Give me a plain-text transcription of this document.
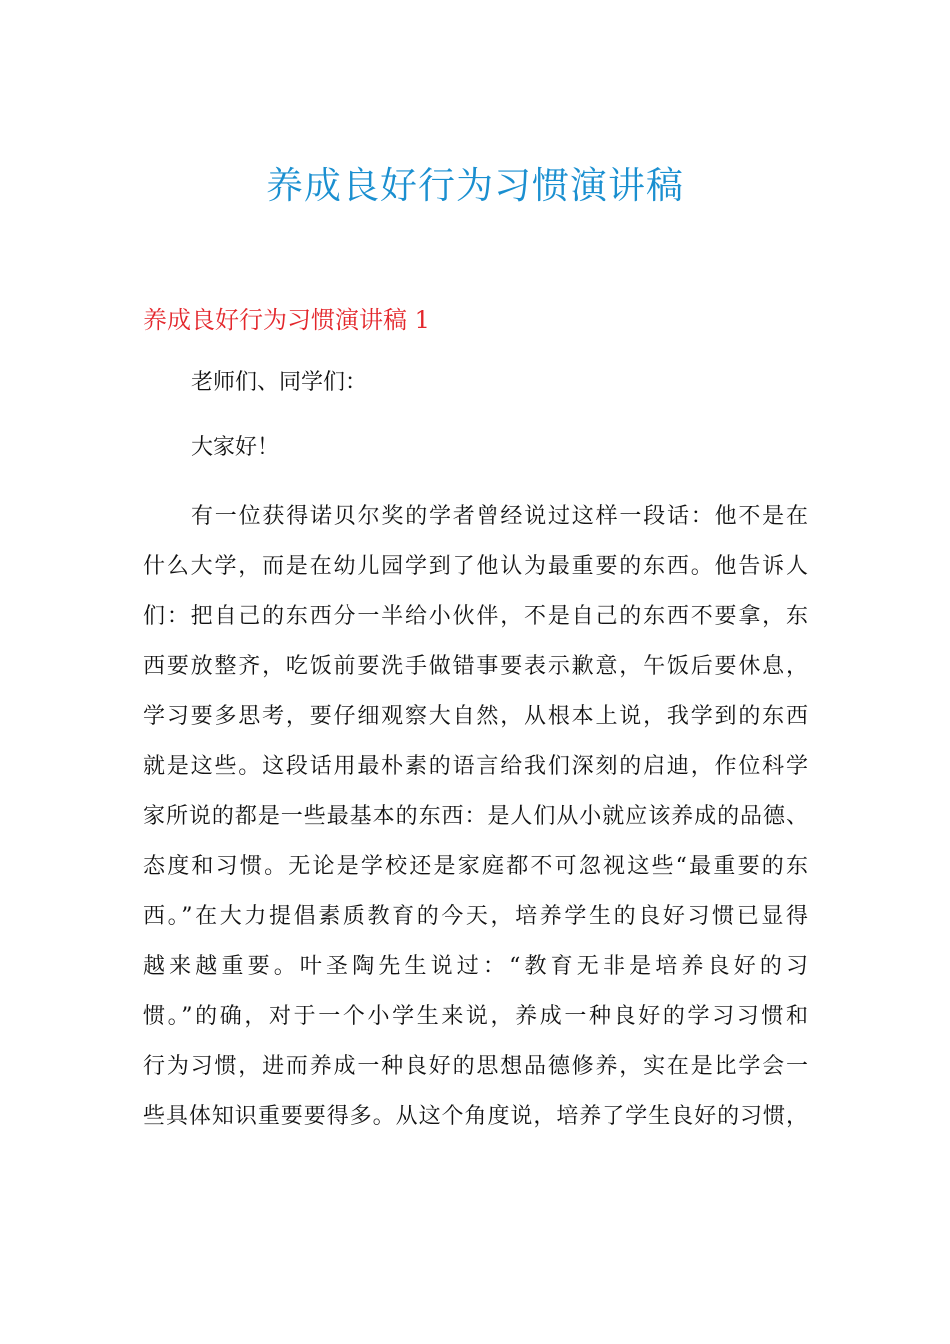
养成良好行为习惯演讲稿
养成良好行为习惯演讲稿 1

老师们、同学们：

大家好！

有一位获得诺贝尔奖的学者曾经说过这样一段话：他不是在

什么大学，而是在幼儿园学到了他认为最重要的东西。他告诉人

们：把自己的东西分一半给小伙伴，不是自己的东西不要拿，东

西要放整齐，吃饭前要洗手做错事要表示歉意，午饭后要休息，

学习要多思考，要仔细观察大自然，从根本上说，我学到的东西

就是这些。这段话用最朴素的语言给我们深刻的启迪，作位科学

家所说的都是一些最基本的东西：是人们从小就应该养成的品德、

态度和习惯。无论是学校还是家庭都不可忽视这些“最重要的东

西。”在大力提倡素质教育的今天，培养学生的良好习惯已显得

越来越重要。叶圣陶先生说过：“教育无非是培养良好的习

惯。”的确，对于一个小学生来说，养成一种良好的学习习惯和

行为习惯，进而养成一种良好的思想品德修养，实在是比学会一

些具体知识重要要得多。从这个角度说，培养了学生良好的习惯，
